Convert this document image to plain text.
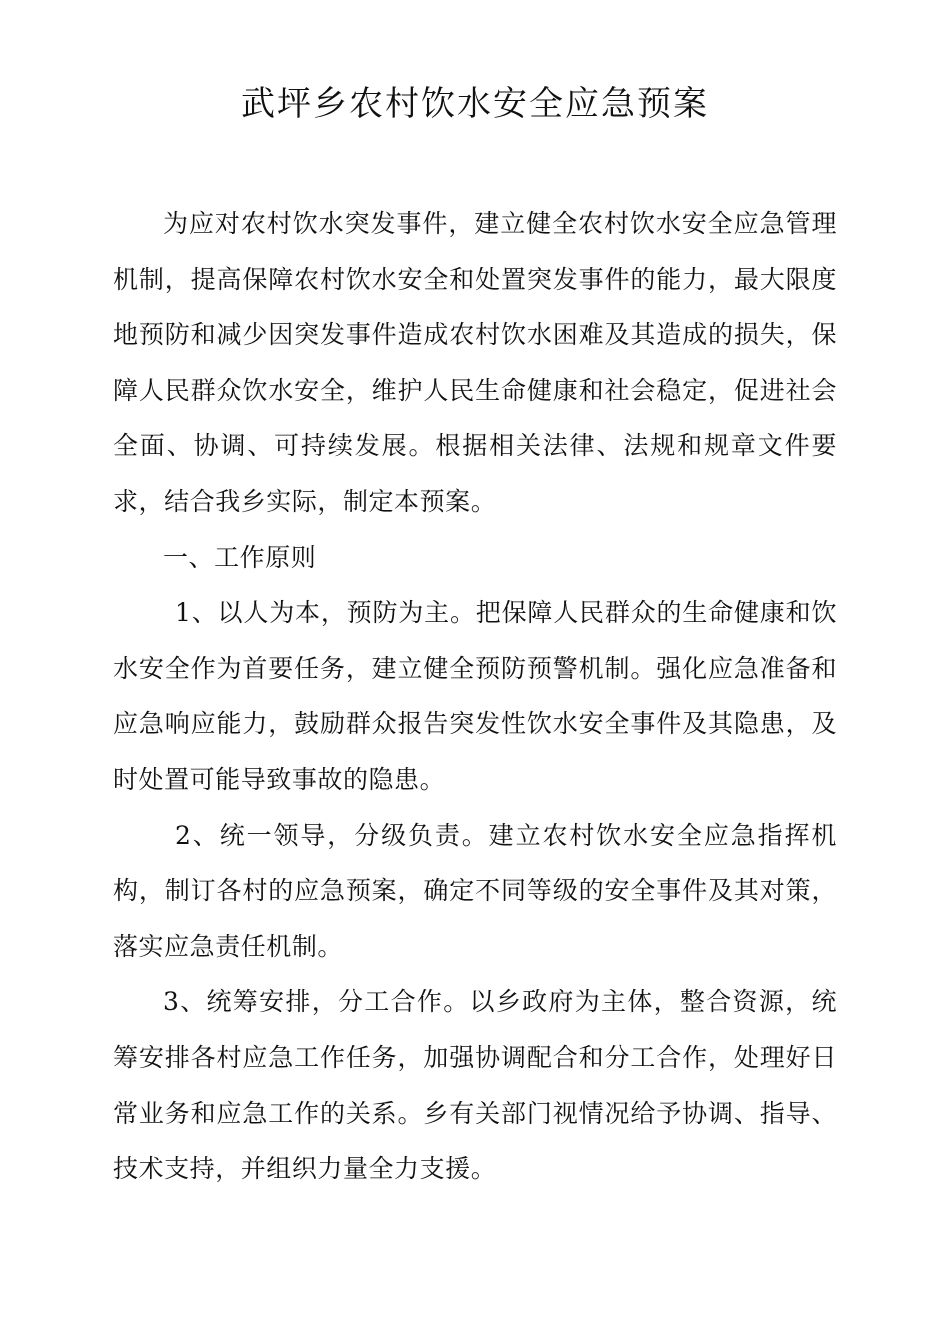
武坪乡农村饮水安全应急预案

为应对农村饮水突发事件，建立健全农村饮水安全应急管理机制，提高保障农村饮水安全和处置突发事件的能力，最大限度地预防和减少因突发事件造成农村饮水困难及其造成的损失，保障人民群众饮水安全，维护人民生命健康和社会稳定，促进社会全面、协调、可持续发展。根据相关法律、法规和规章文件要求，结合我乡实际，制定本预案。

一、工作原则

1、以人为本，预防为主。把保障人民群众的生命健康和饮水安全作为首要任务，建立健全预防预警机制。强化应急准备和应急响应能力，鼓励群众报告突发性饮水安全事件及其隐患，及时处置可能导致事故的隐患。

2、统一领导，分级负责。建立农村饮水安全应急指挥机构，制订各村的应急预案，确定不同等级的安全事件及其对策，落实应急责任机制。

3、统筹安排，分工合作。以乡政府为主体，整合资源，统筹安排各村应急工作任务，加强协调配合和分工合作，处理好日常业务和应急工作的关系。乡有关部门视情况给予协调、指导、技术支持，并组织力量全力支援。
